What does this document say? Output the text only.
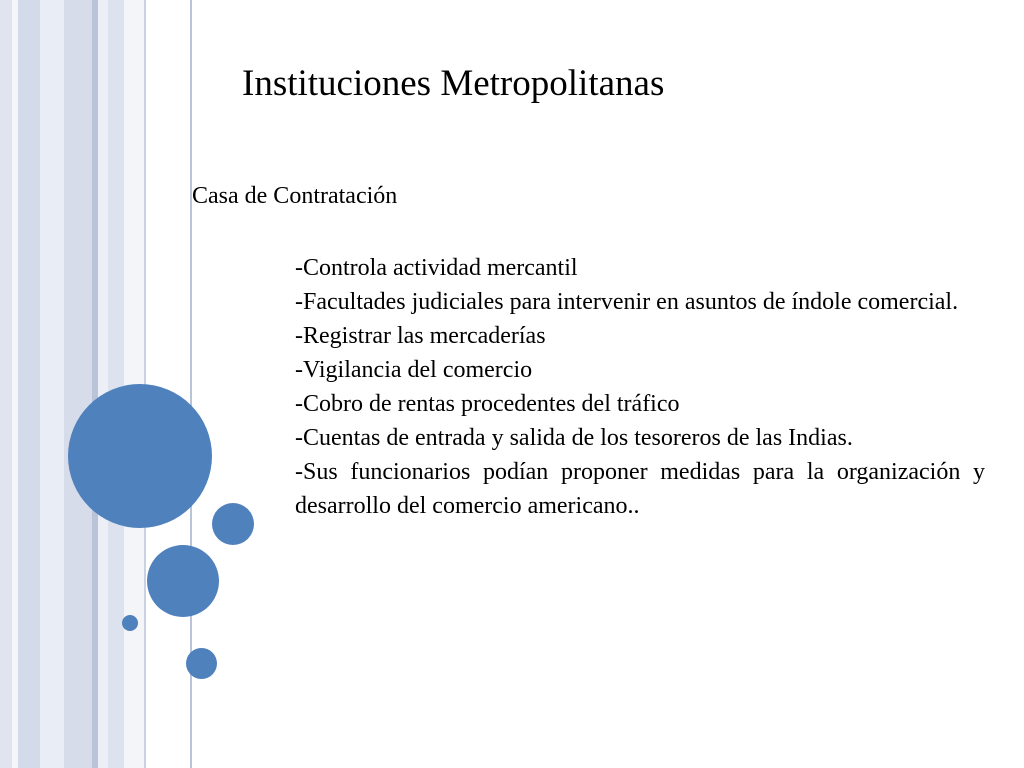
Instituciones Metropolitanas
Casa de Contratación
-Controla actividad mercantil
-Facultades judiciales para intervenir en asuntos de índole comercial.
-Registrar las mercaderías
-Vigilancia del comercio
-Cobro de rentas procedentes del tráfico
-Cuentas de entrada y salida de los tesoreros de las Indias.
-Sus funcionarios podían proponer medidas para la organización y desarrollo del comercio americano..
